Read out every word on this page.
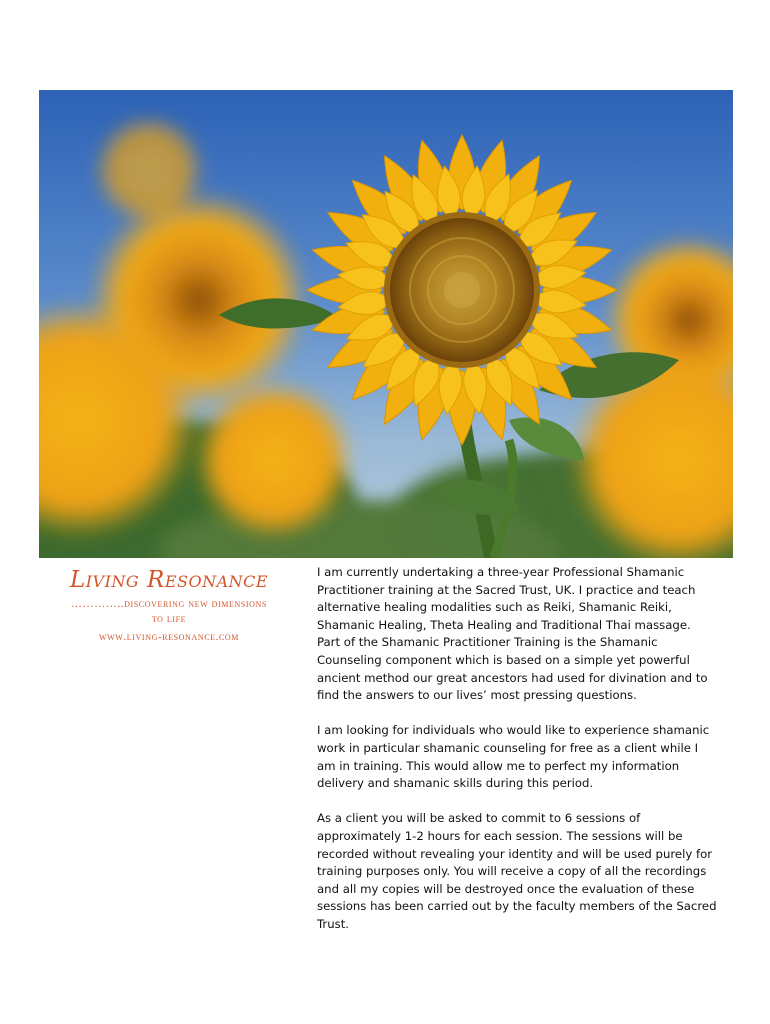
Living Resonance
…………..discovering new dimensions
to life
www.living-resonance.com

I am currently undertaking a three-year Professional Shamanic Practitioner training at the Sacred Trust, UK. I practice and teach alternative healing modalities such as Reiki, Shamanic Reiki, Shamanic Healing, Theta Healing and Traditional Thai massage. Part of the Shamanic Practitioner Training is the Shamanic Counseling component which is based on a simple yet powerful ancient method our great ancestors had used for divination and to find the answers to our lives’ most pressing questions.

I am looking for individuals who would like to experience shamanic work in particular shamanic counseling for free as a client while I am in training. This would allow me to perfect my information delivery and shamanic skills during this period.

As a client you will be asked to commit to 6 sessions of approximately 1-2 hours for each session. The sessions will be recorded without revealing your identity and will be used purely for training purposes only. You will receive a copy of all the recordings and all my copies will be destroyed once the evaluation of these sessions has been carried out by the faculty members of the Sacred Trust.
